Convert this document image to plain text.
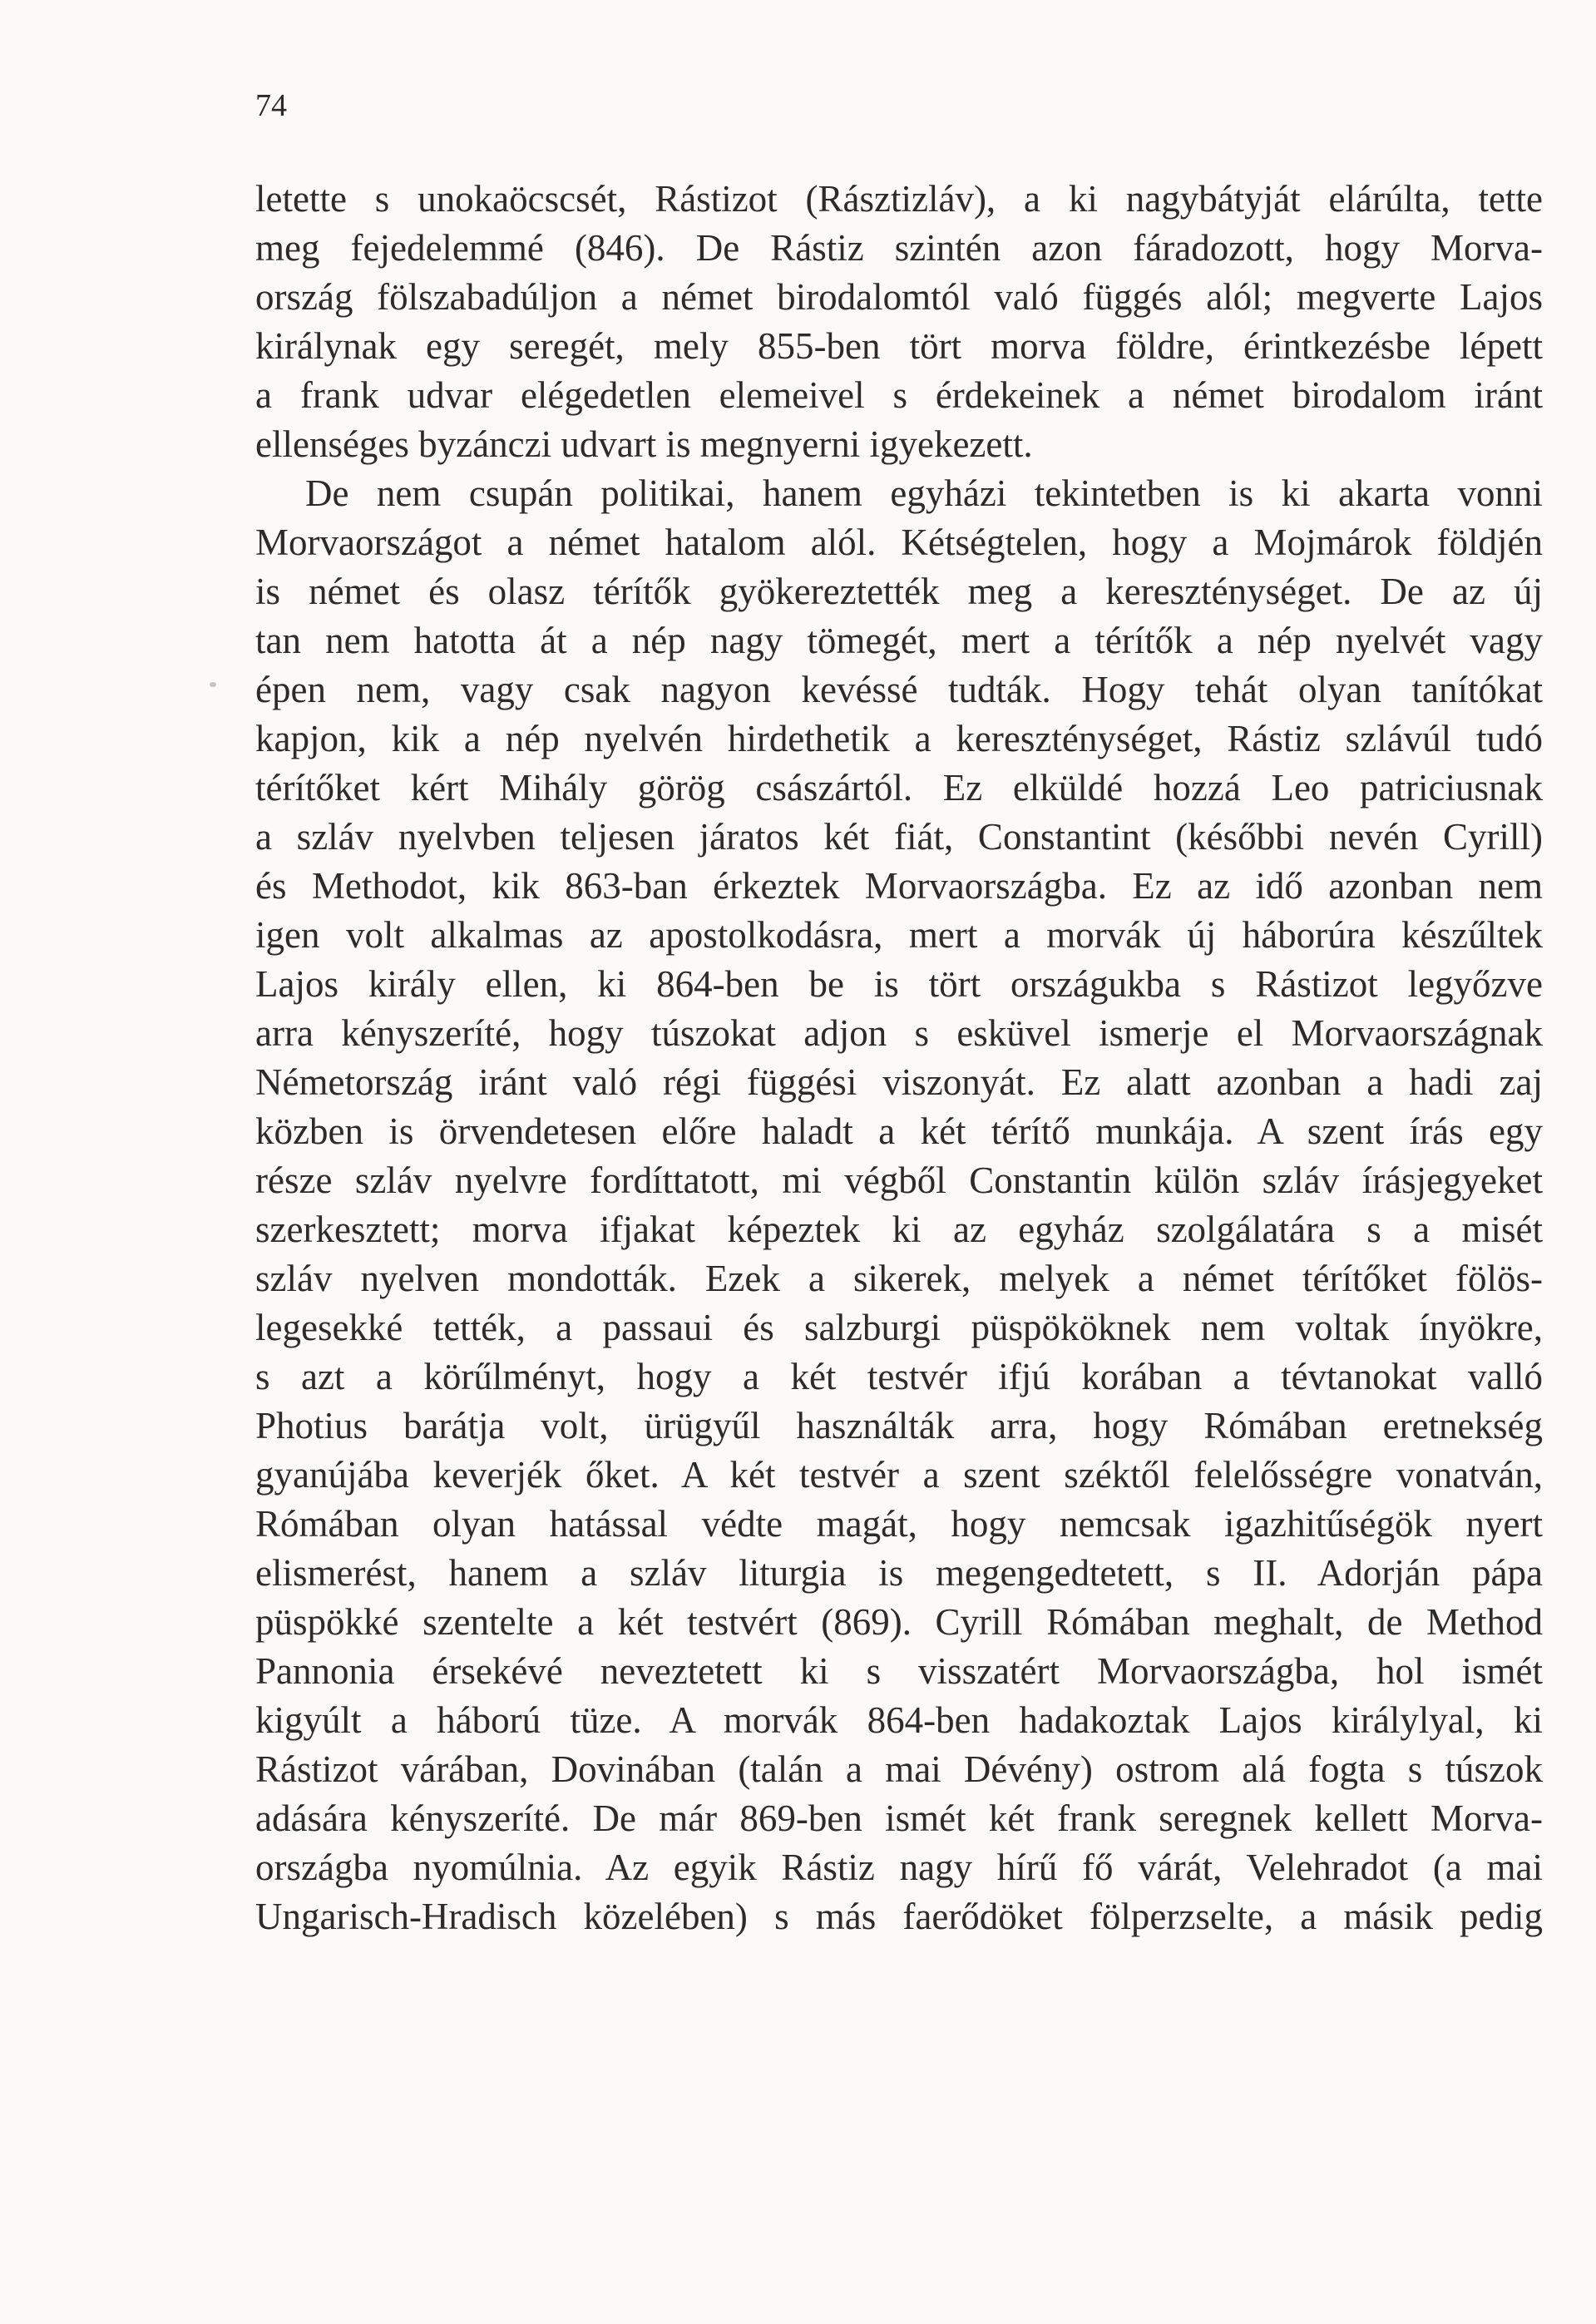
74
letette s unokaöcscsét, Rástizot (Rásztizláv), a ki nagybátyját elárúlta, tette
meg fejedelemmé (846). De Rástiz szintén azon fáradozott, hogy Morva-
ország fölszabadúljon a német birodalomtól való függés alól; megverte Lajos
királynak egy seregét, mely 855-ben tört morva földre, érintkezésbe lépett
a frank udvar elégedetlen elemeivel s érdekeinek a német birodalom iránt
ellenséges byzánczi udvart is megnyerni igyekezett.
De nem csupán politikai, hanem egyházi tekintetben is ki akarta vonni
Morvaországot a német hatalom alól. Kétségtelen, hogy a Mojmárok földjén
is német és olasz térítők gyökereztették meg a kereszténységet. De az új
tan nem hatotta át a nép nagy tömegét, mert a térítők a nép nyelvét vagy
épen nem, vagy csak nagyon kevéssé tudták. Hogy tehát olyan tanítókat
kapjon, kik a nép nyelvén hirdethetik a kereszténységet, Rástiz szlávúl tudó
térítőket kért Mihály görög császártól. Ez elküldé hozzá Leo patriciusnak
a szláv nyelvben teljesen járatos két fiát, Constantint (későbbi nevén Cyrill)
és Methodot, kik 863-ban érkeztek Morvaországba. Ez az idő azonban nem
igen volt alkalmas az apostolkodásra, mert a morvák új háborúra készűltek
Lajos király ellen, ki 864-ben be is tört országukba s Rástizot legyőzve
arra kényszeríté, hogy túszokat adjon s esküvel ismerje el Morvaországnak
Németország iránt való régi függési viszonyát. Ez alatt azonban a hadi zaj
közben is örvendetesen előre haladt a két térítő munkája. A szent írás egy
része szláv nyelvre fordíttatott, mi végből Constantin külön szláv írásjegyeket
szerkesztett; morva ifjakat képeztek ki az egyház szolgálatára s a misét
szláv nyelven mondották. Ezek a sikerek, melyek a német térítőket fölös-
legesekké tették, a passaui és salzburgi püspököknek nem voltak ínyökre,
s azt a körűlményt, hogy a két testvér ifjú korában a tévtanokat valló
Photius barátja volt, ürügyűl használták arra, hogy Rómában eretnekség
gyanújába keverjék őket. A két testvér a szent széktől felelősségre vonatván,
Rómában olyan hatással védte magát, hogy nemcsak igazhitűségök nyert
elismerést, hanem a szláv liturgia is megengedtetett, s II. Adorján pápa
püspökké szentelte a két testvért (869). Cyrill Rómában meghalt, de Method
Pannonia érsekévé neveztetett ki s visszatért Morvaországba, hol ismét
kigyúlt a háború tüze. A morvák 864-ben hadakoztak Lajos királylyal, ki
Rástizot várában, Dovinában (talán a mai Dévény) ostrom alá fogta s túszok
adására kényszeríté. De már 869-ben ismét két frank seregnek kellett Morva-
országba nyomúlnia. Az egyik Rástiz nagy hírű fő várát, Velehradot (a mai
Ungarisch-Hradisch közelében) s más faerődöket fölperzselte, a másik pedig
